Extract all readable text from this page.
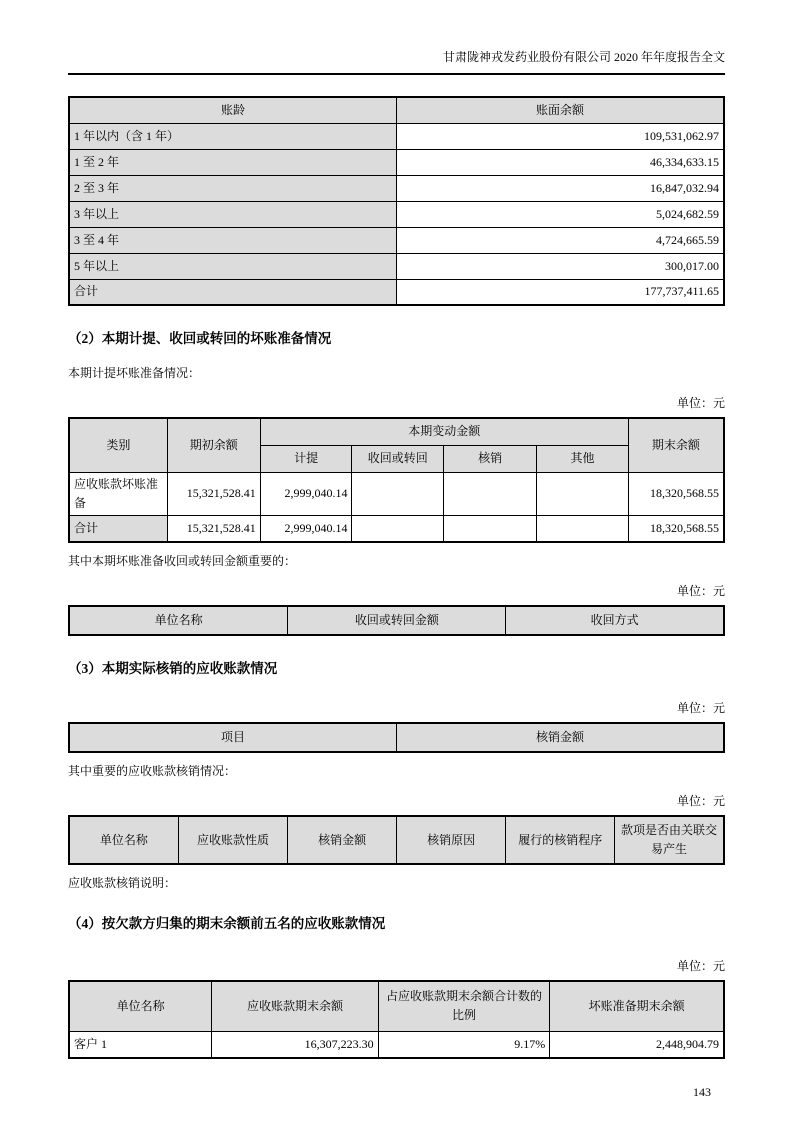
甘肃陇神戎发药业股份有限公司 2020 年年度报告全文
账龄	账面余额
1 年以内（含 1 年）	109,531,062.97
1 至 2 年	46,334,633.15
2 至 3 年	16,847,032.94
3 年以上	5,024,682.59
3 至 4 年	4,724,665.59
5 年以上	300,017.00
合计	177,737,411.65
（2）本期计提、收回或转回的坏账准备情况

本期计提坏账准备情况：

单位：元
类别	期初余额	本期变动金额				期末余额
		计提	收回或转回	核销	其他	
应收账款坏账准备	15,321,528.41	2,999,040.14				18,320,568.55
合计	15,321,528.41	2,999,040.14				18,320,568.55

其中本期坏账准备收回或转回金额重要的：

单位：元
单位名称	收回或转回金额	收回方式
（3）本期实际核销的应收账款情况
单位：元
项目	核销金额

其中重要的应收账款核销情况：

单位：元
单位名称	应收账款性质	核销金额	核销原因	履行的核销程序	款项是否由关联交易产生

应收账款核销说明：

（4）按欠款方归集的期末余额前五名的应收账款情况
单位：元
单位名称	应收账款期末余额	占应收账款期末余额合计数的比例	坏账准备期末余额
客户 1	16,307,223.30	9.17%	2,448,904.79
143
